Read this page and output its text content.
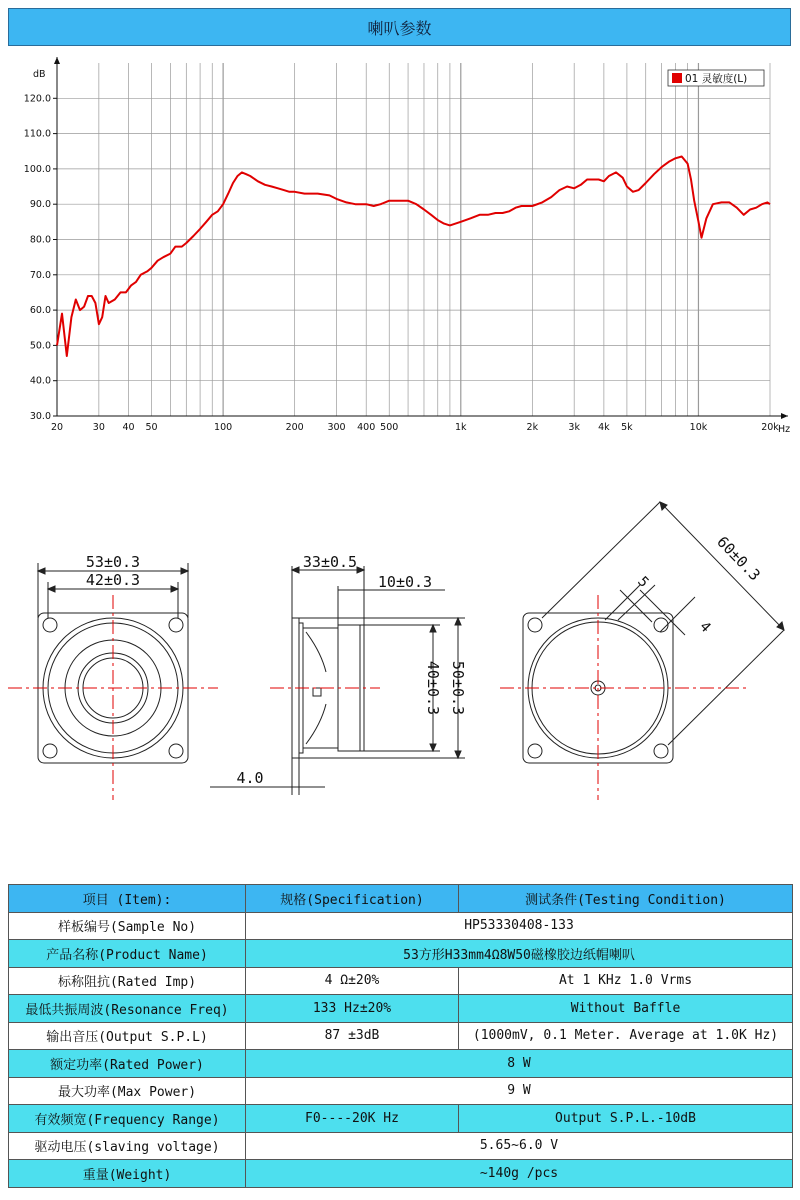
喇叭参数
30.0
40.0
50.0
60.0
70.0
80.0
90.0
100.0
110.0
120.0
20	30 40 50	100	200 300 400 500	1k	2k	3k 4k 5k	10k	20k
dB
Hz
01 灵敏度(L)
53±0.3
42±0.3
33±0.5
10±0.3
40±0.3 50±0.3
4.0
60±0.3
5
4
项目 (Item):	规格(Specification)	测试条件(Testing Condition)
样板编号(Sample No)	HP53330408-133	
产品名称(Product Name)	53方形H33mm4Ω8W50磁橡胶边纸帽喇叭	
标称阻抗(Rated Imp)	4 Ω±20%	At 1 KHz 1.0 Vrms
最低共振周波(Resonance Freq)	133 Hz±20%	Without Baffle
输出音压(Output S.P.L)	87 ±3dB	(1000mV, 0.1 Meter. Average at 1.0K Hz)
额定功率(Rated Power)	8 W	
最大功率(Max Power)	9 W	
有效频宽(Frequency Range)	F0----20K Hz	Output S.P.L.-10dB
驱动电压(slaving voltage)	5.65~6.0 V	
重量(Weight)	~140g /pcs	
